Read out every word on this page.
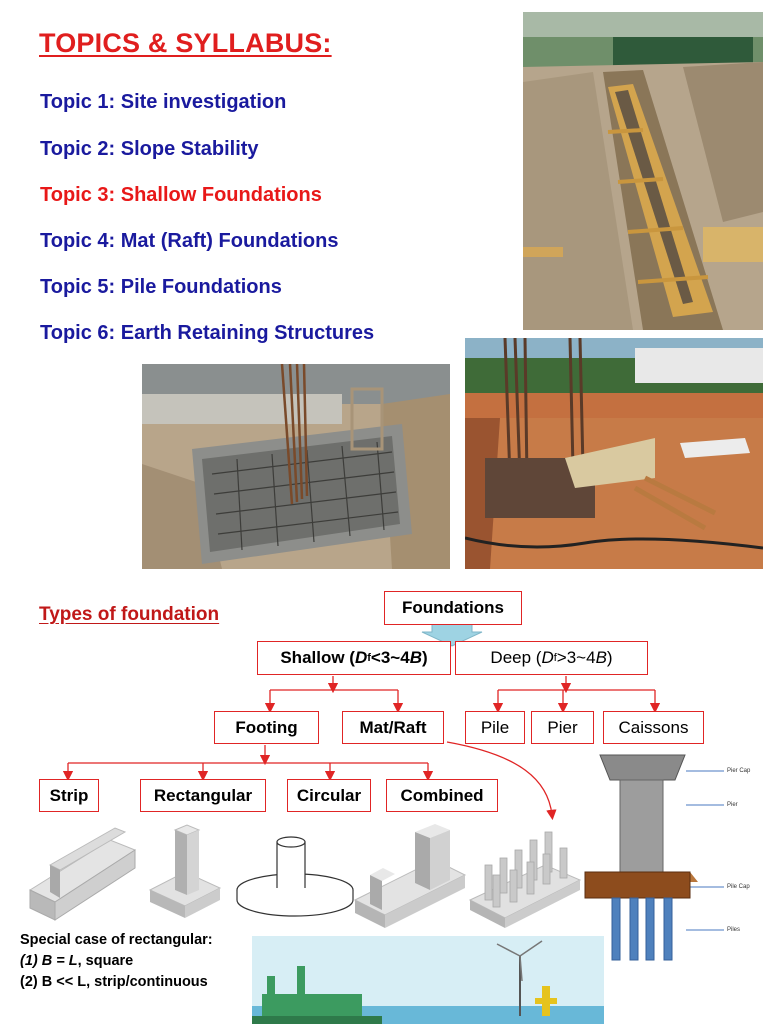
TOPICS & SYLLABUS:
Topic 1: Site investigation
Topic 2: Slope Stability
Topic 3: Shallow Foundations
Topic 4: Mat (Raft) Foundations
Topic 5: Pile Foundations
Topic 6: Earth Retaining Structures
Types of foundation	Foundations
Shallow ( D f <3~4 B )	Deep ( D f >3~4 B )
Footing	Mat/Raft	Pile	Pier	Caissons
Strip	Rectangular	Circular	Combined
Pier Cap
Pier
Pile Cap
Piles
Special case of rectangular:
(1) B = L, square
(2) B << L, strip/continuous
